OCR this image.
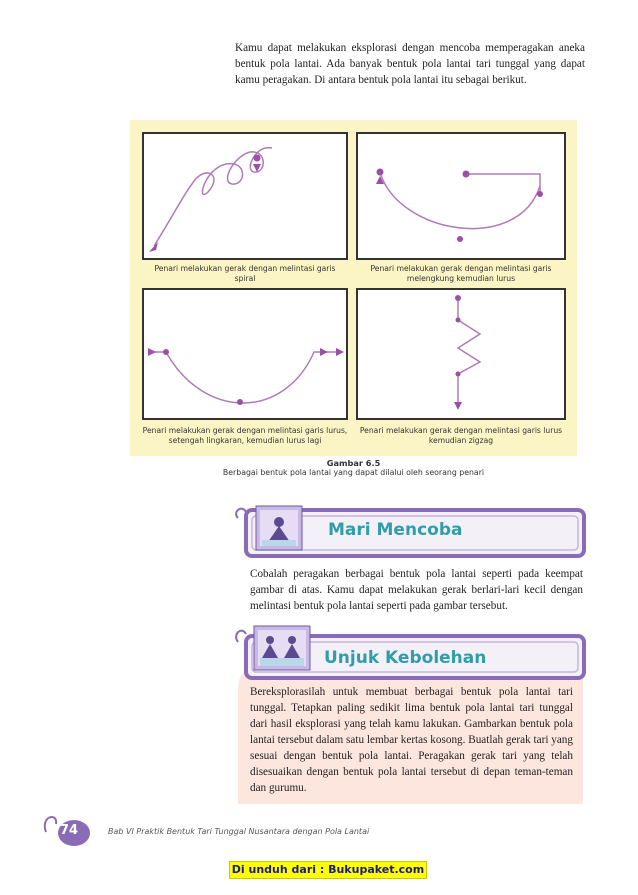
Kamu dapat melakukan eksplorasi dengan mencoba memperagakan aneka bentuk pola lantai. Ada banyak bentuk pola lantai tari tunggal yang dapat kamu peragakan. Di antara bentuk pola lantai itu sebagai berikut.
Penari melakukan gerak dengan melintasi garis spiral
Penari melakukan gerak dengan melintasi garis melengkung kemudian lurus
Penari melakukan gerak dengan melintasi garis lurus, setengah lingkaran, kemudian lurus lagi
Penari melakukan gerak dengan melintasi garis lurus kemudian zigzag
Gambar 6.5
Berbagai bentuk pola lantai yang dapat dilalui oleh seorang penari
Mari Mencoba
Cobalah peragakan berbagai bentuk pola lantai seperti pada keempat gambar di atas. Kamu dapat melakukan gerak berlari-lari kecil dengan melintasi bentuk pola lantai seperti pada gambar tersebut.
Unjuk Kebolehan
Bereksplorasilah untuk membuat berbagai bentuk pola lantai tari tunggal. Tetapkan paling sedikit lima bentuk pola lantai tari tunggal dari hasil eksplorasi yang telah kamu lakukan. Gambarkan bentuk pola lantai tersebut dalam satu lembar kertas kosong. Buatlah gerak tari yang sesuai dengan bentuk pola lantai. Peragakan gerak tari yang telah disesuaikan dengan bentuk pola lantai tersebut di depan teman-teman dan gurumu.
74	Bab VI Praktik Bentuk Tari Tunggal Nusantara dengan Pola Lantai
Di unduh dari : Bukupaket.com
